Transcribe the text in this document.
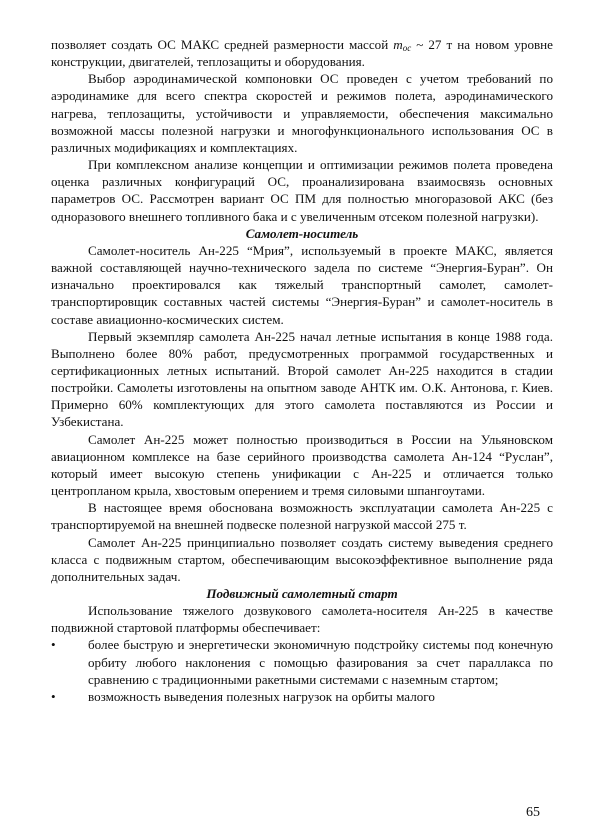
позволяет создать ОС МАКС средней размерности массой $m_{ос}$ ~ 27 т на новом уровне конструкции, двигателей, теплозащиты и оборудования.

Выбор аэродинамической компоновки ОС проведен с учетом требований по аэродинамике для всего спектра скоростей и режимов полета, аэродинамического нагрева, теплозащиты, устойчивости и управляемости, обеспечения максимально возможной массы полезной нагрузки и многофункционального использования ОС в различных модификациях и комплектациях.

При комплексном анализе концепции и оптимизации режимов полета проведена оценка различных конфигураций ОС, проанализирована взаимосвязь основных параметров ОС. Рассмотрен вариант ОС ПМ для полностью многоразовой АКС (без одноразового внешнего топливного бака и с увеличенным отсеком полезной нагрузки).

Самолет-носитель

Самолет-носитель Ан-225 “Мрия”, используемый в проекте МАКС, является важной составляющей научно-технического задела по системе “Энергия-Буран”. Он изначально проектировался как тяжелый транспортный самолет, самолет-транспортировщик составных частей системы “Энергия-Буран” и самолет-носитель в составе авиационно-космических систем.

Первый экземпляр самолета Ан-225 начал летные испытания в конце 1988 года. Выполнено более 80% работ, предусмотренных программой государственных и сертификационных летных испытаний. Второй самолет Ан-225 находится в стадии постройки. Самолеты изготовлены на опытном заводе АНТК им. О.К. Антонова, г. Киев. Примерно 60% комплектующих для этого самолета поставляются из России и Узбекистана.

Самолет Ан-225 может полностью производиться в России на Ульяновском авиационном комплексе на базе серийного производства самолета Ан-124 “Руслан”, который имеет высокую степень унификации с Ан-225 и отличается только центропланом крыла, хвостовым оперением и тремя силовыми шпангоутами.

В настоящее время обоснована возможность эксплуатации самолета Ан-225 с транспортируемой на внешней подвеске полезной нагрузкой массой 275 т.

Самолет Ан-225 принципиально позволяет создать систему выведения среднего класса с подвижным стартом, обеспечивающим высокоэффективное выполнение ряда дополнительных задач.

Подвижный самолетный старт

Использование тяжелого дозвукового самолета-носителя Ан-225 в качестве подвижной стартовой платформы обеспечивает:

•	более быструю и энергетически экономичную подстройку системы под конечную орбиту любого наклонения с помощью фазирования за счет параллакса по сравнению с традиционными ракетными системами с наземным стартом;
•	возможность выведения полезных нагрузок на орбиты малого
65
